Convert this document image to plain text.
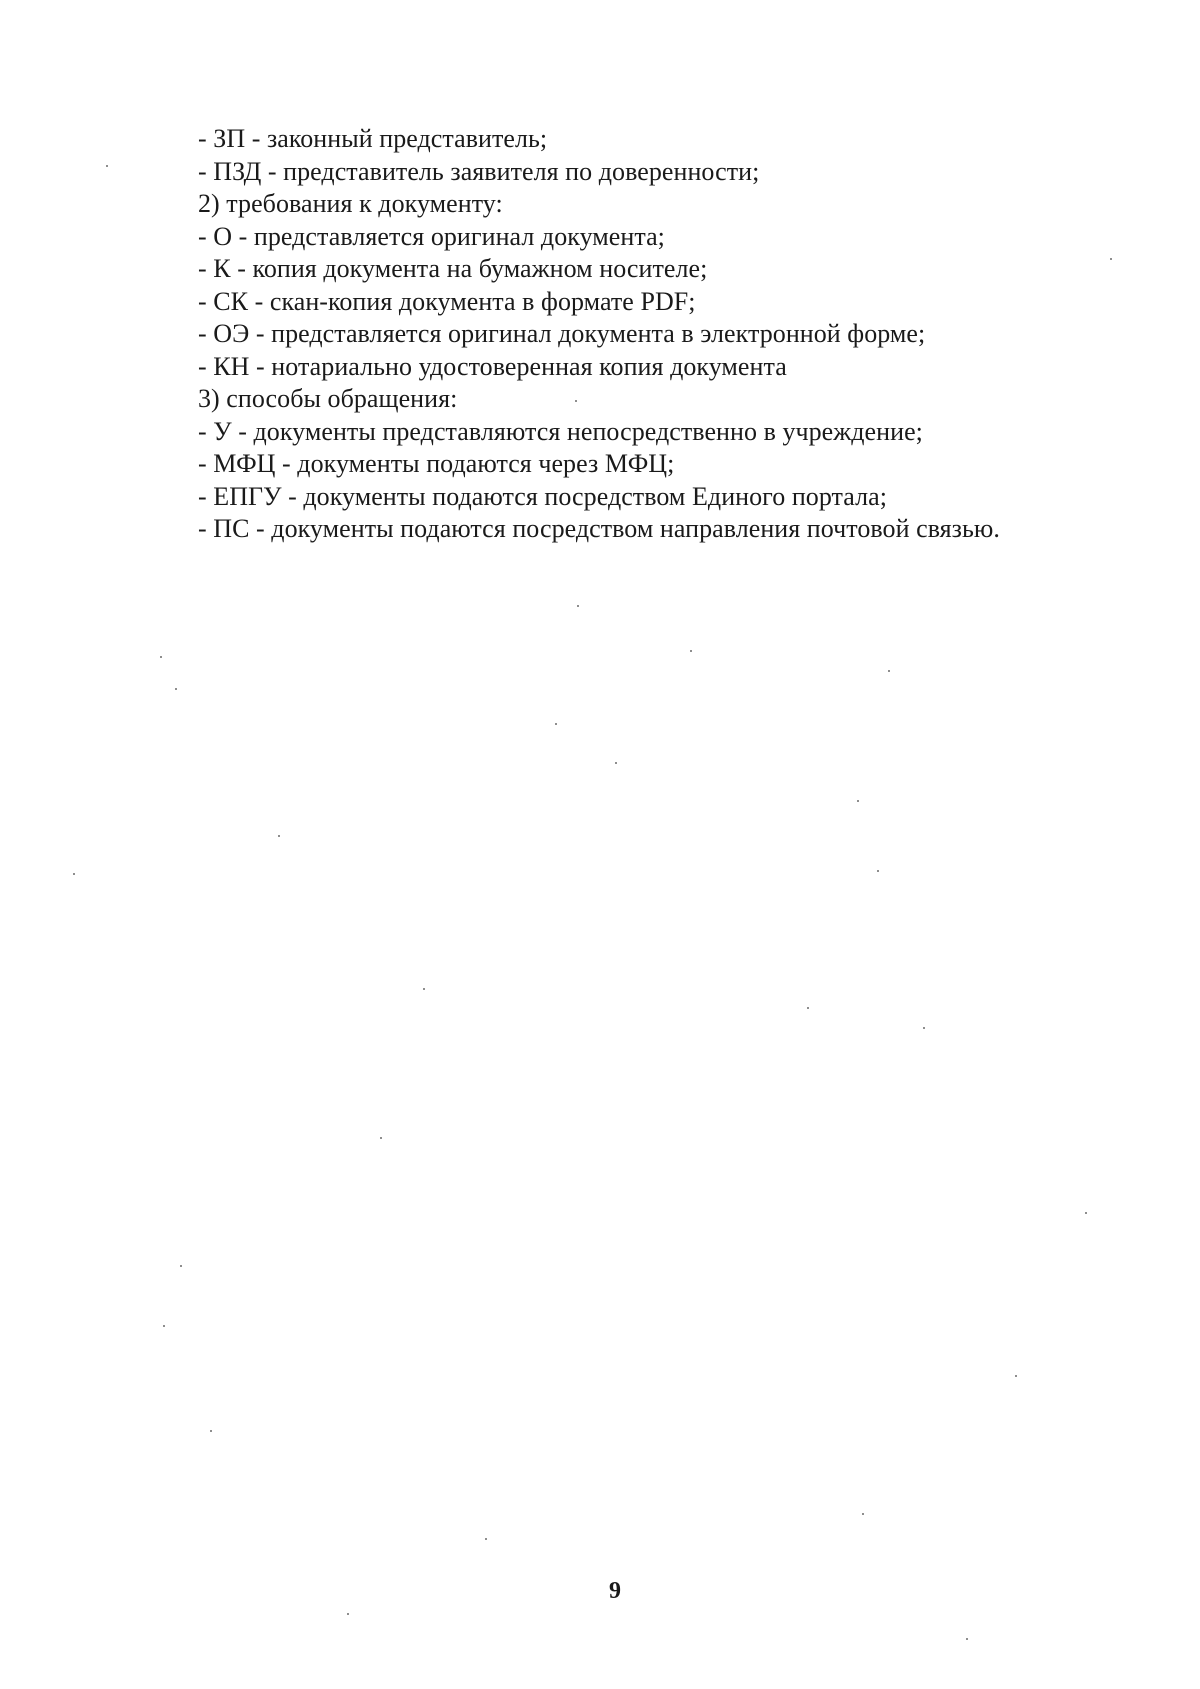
- ЗП - законный представитель;
- ПЗД - представитель заявителя по доверенности;
2) требования к документу:
- О - представляется оригинал документа;
- К - копия документа на бумажном носителе;
- СК - скан-копия документа в формате PDF;
- ОЭ - представляется оригинал документа в электронной форме;
- КН - нотариально удостоверенная копия документа
3) способы обращения:
- У - документы представляются непосредственно в учреждение;
- МФЦ - документы подаются через МФЦ;
- ЕПГУ - документы подаются посредством Единого портала;
- ПС - документы подаются посредством направления почтовой связью.
9
